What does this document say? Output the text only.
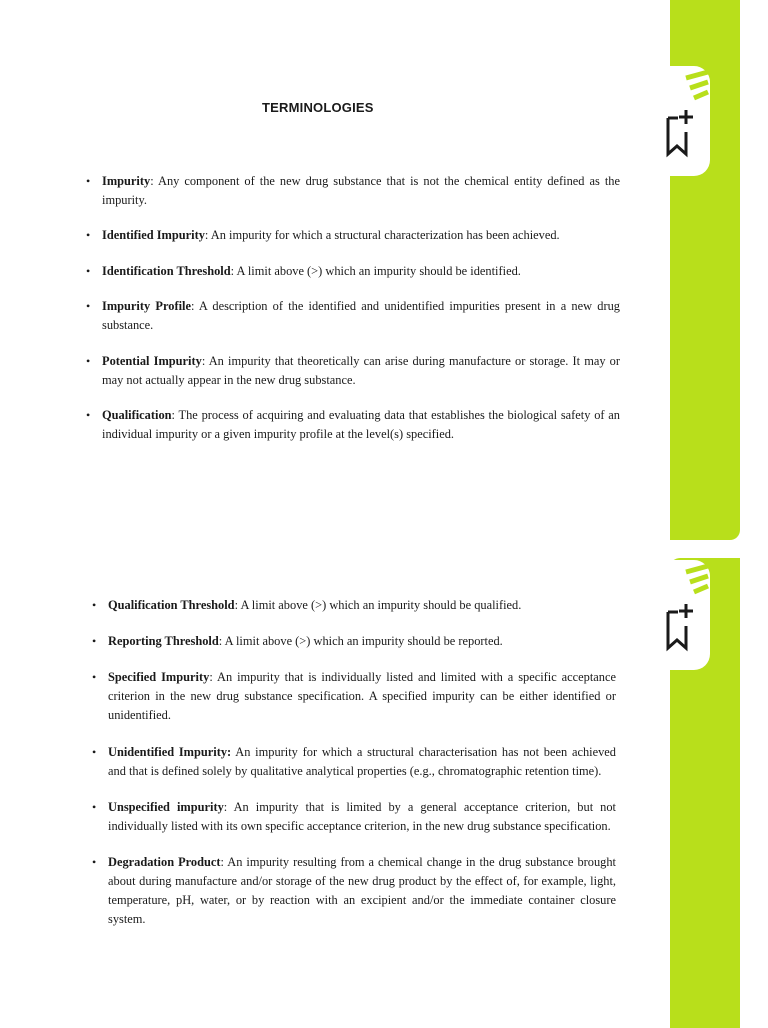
TERMINOLOGIES
• Impurity: Any component of the new drug substance that is not the chemical entity defined as the impurity.
• Identified Impurity: An impurity for which a structural characterization has been achieved.
• Identification Threshold: A limit above (>) which an impurity should be identified.
• Impurity Profile: A description of the identified and unidentified impurities present in a new drug substance.
• Potential Impurity: An impurity that theoretically can arise during manufacture or storage. It may or may not actually appear in the new drug substance.
• Qualification: The process of acquiring and evaluating data that establishes the biological safety of an individual impurity or a given impurity profile at the level(s) specified.
• Qualification Threshold: A limit above (>) which an impurity should be qualified.
• Reporting Threshold: A limit above (>) which an impurity should be reported.
• Specified Impurity: An impurity that is individually listed and limited with a specific acceptance criterion in the new drug substance specification. A specified impurity can be either identified or unidentified.
• Unidentified Impurity: An impurity for which a structural characterisation has not been achieved and that is defined solely by qualitative analytical properties (e.g., chromatographic retention time).
• Unspecified impurity: An impurity that is limited by a general acceptance criterion, but not individually listed with its own specific acceptance criterion, in the new drug substance specification.
• Degradation Product: An impurity resulting from a chemical change in the drug substance brought about during manufacture and/or storage of the new drug product by the effect of, for example, light, temperature, pH, water, or by reaction with an excipient and/or the immediate container closure system.
